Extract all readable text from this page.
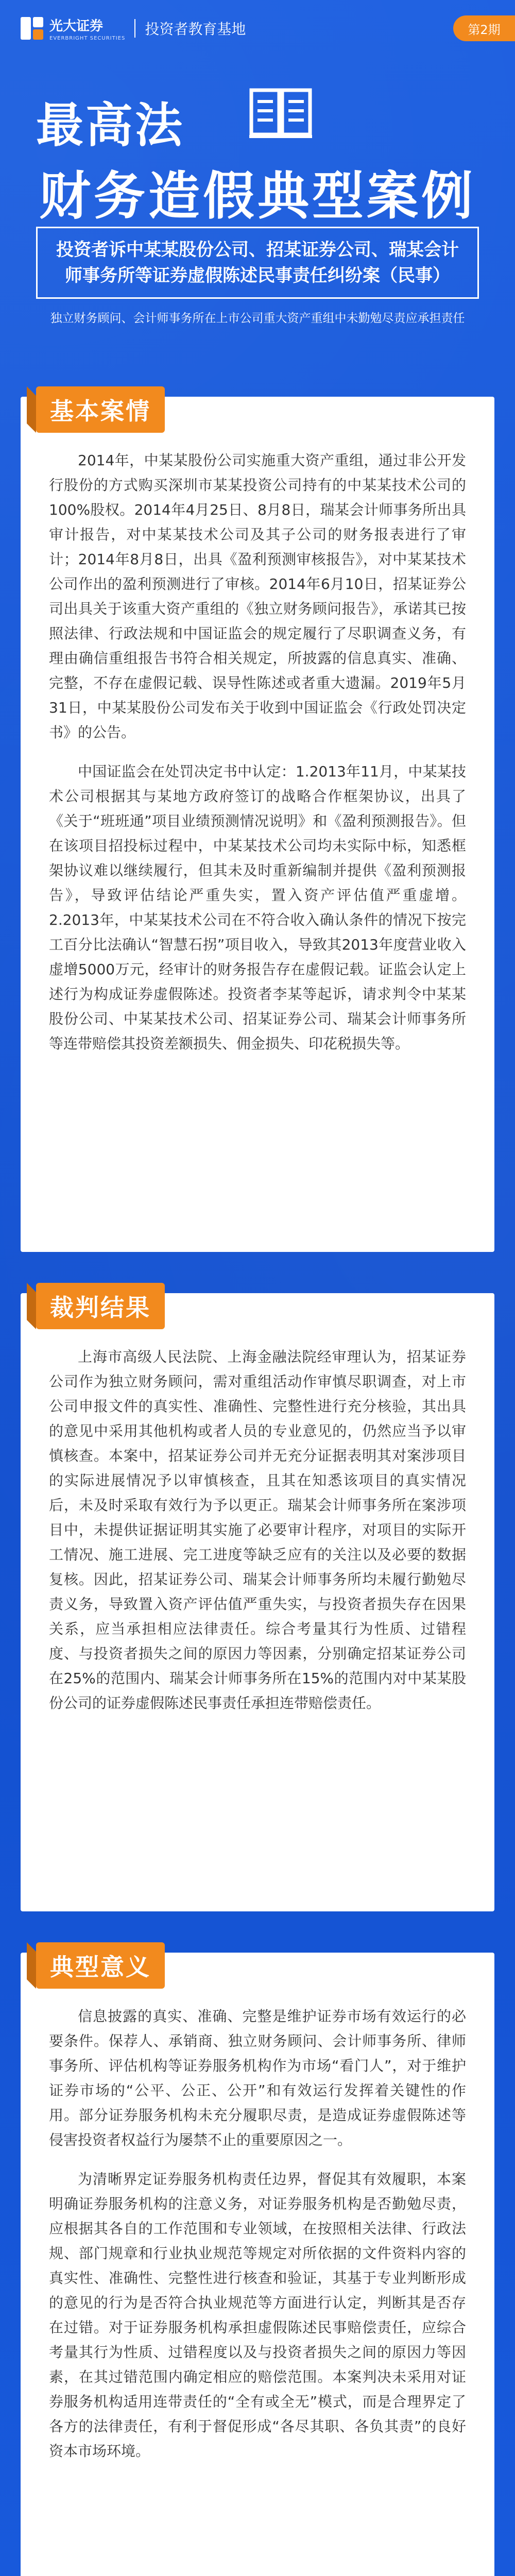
光大证券
EVERBRIGHT SECURITIES
投资者教育基地	第2期
最高法
财务造假典型案例
投资者诉中某某股份公司、招某证券公司、瑞某会计师事务所等证券虚假陈述民事责任纠纷案（民事）
独立财务顾问、会计师事务所在上市公司重大资产重组中未勤勉尽责应承担责任
基本案情

2014年，中某某股份公司实施重大资产重组，通过非公开发行股份的方式购买深圳市某某投资公司持有的中某某技术公司的100%股权。2014年4月25日、8月8日，瑞某会计师事务所出具审计报告，对中某某技术公司及其子公司的财务报表进行了审计；2014年8月8日，出具《盈利预测审核报告》，对中某某技术公司作出的盈利预测进行了审核。2014年6月10日，招某证券公司出具关于该重大资产重组的《独立财务顾问报告》，承诺其已按照法律、行政法规和中国证监会的规定履行了尽职调查义务，有理由确信重组报告书符合相关规定，所披露的信息真实、准确、完整，不存在虚假记载、误导性陈述或者重大遗漏。2019年5月31日，中某某股份公司发布关于收到中国证监会《行政处罚决定书》的公告。

中国证监会在处罚决定书中认定：1.2013年11月，中某某技术公司根据其与某地方政府签订的战略合作框架协议，出具了《关于“班班通”项目业绩预测情况说明》和《盈利预测报告》。但在该项目招投标过程中，中某某技术公司均未实际中标，知悉框架协议难以继续履行，但其未及时重新编制并提供《盈利预测报告》，导致评估结论严重失实，置入资产评估值严重虚增。2.2013年，中某某技术公司在不符合收入确认条件的情况下按完工百分比法确认“智慧石拐”项目收入，导致其2013年度营业收入虚增5000万元，经审计的财务报告存在虚假记载。证监会认定上述行为构成证券虚假陈述。投资者李某等起诉，请求判令中某某股份公司、中某某技术公司、招某证券公司、瑞某会计师事务所等连带赔偿其投资差额损失、佣金损失、印花税损失等。

裁判结果

上海市高级人民法院、上海金融法院经审理认为，招某证券公司作为独立财务顾问，需对重组活动作审慎尽职调查，对上市公司申报文件的真实性、准确性、完整性进行充分核验，其出具的意见中采用其他机构或者人员的专业意见的，仍然应当予以审慎核查。本案中，招某证券公司并无充分证据表明其对案涉项目的实际进展情况予以审慎核查，且其在知悉该项目的真实情况后，未及时采取有效行为予以更正。瑞某会计师事务所在案涉项目中，未提供证据证明其实施了必要审计程序，对项目的实际开工情况、施工进展、完工进度等缺乏应有的关注以及必要的数据复核。因此，招某证券公司、瑞某会计师事务所均未履行勤勉尽责义务，导致置入资产评估值严重失实，与投资者损失存在因果关系，应当承担相应法律责任。综合考量其行为性质、过错程度、与投资者损失之间的原因力等因素，分别确定招某证券公司在25%的范围内、瑞某会计师事务所在15%的范围内对中某某股份公司的证券虚假陈述民事责任承担连带赔偿责任。

典型意义

信息披露的真实、准确、完整是维护证券市场有效运行的必要条件。保荐人、承销商、独立财务顾问、会计师事务所、律师事务所、评估机构等证券服务机构作为市场“看门人”，对于维护证券市场的“公平、公正、公开”和有效运行发挥着关键性的作用。部分证券服务机构未充分履职尽责，是造成证券虚假陈述等侵害投资者权益行为屡禁不止的重要原因之一。

为清晰界定证券服务机构责任边界，督促其有效履职，本案明确证券服务机构的注意义务，对证券服务机构是否勤勉尽责，应根据其各自的工作范围和专业领域，在按照相关法律、行政法规、部门规章和行业执业规范等规定对所依据的文件资料内容的真实性、准确性、完整性进行核查和验证，其基于专业判断形成的意见的行为是否符合执业规范等方面进行认定，判断其是否存在过错。对于证券服务机构承担虚假陈述民事赔偿责任，应综合考量其行为性质、过错程度以及与投资者损失之间的原因力等因素，在其过错范围内确定相应的赔偿范围。本案判决未采用对证券服务机构适用连带责任的“全有或全无”模式，而是合理界定了各方的法律责任，有利于督促形成“各尽其职、各负其责”的良好资本市场环境。
